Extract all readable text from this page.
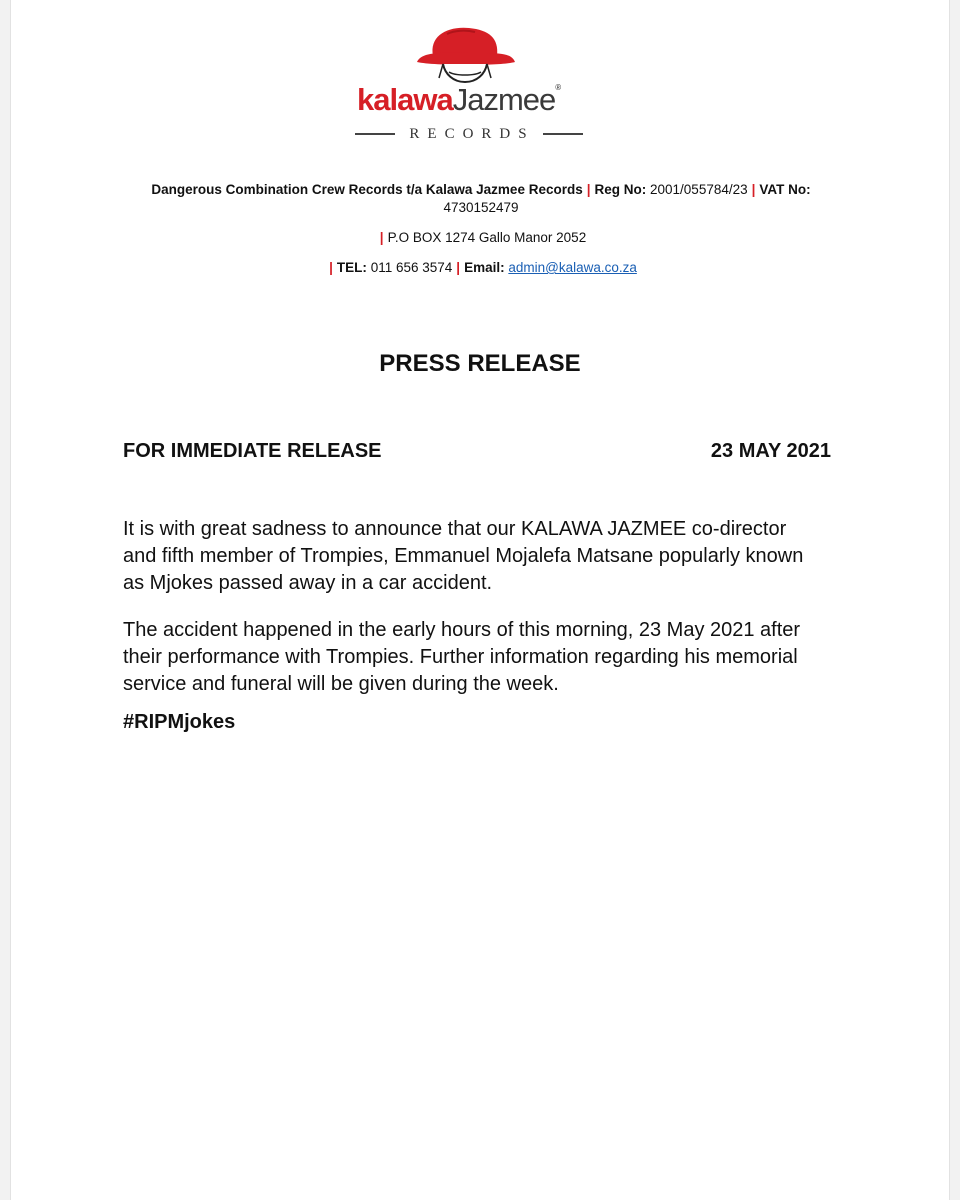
kalawaJazmee®
RECORDS
Dangerous Combination Crew Records t/a Kalawa Jazmee Records | Reg No: 2001/055784/23 | VAT No:
4730152479
| P.O BOX 1274 Gallo Manor 2052
| TEL: 011 656 3574 | Email: admin@kalawa.co.za
PRESS RELEASE
FOR IMMEDIATE RELEASE	23 MAY 2021
It is with great sadness to announce that our KALAWA JAZMEE co-director and fifth member of Trompies, Emmanuel Mojalefa Matsane popularly known as Mjokes passed away in a car accident.
The accident happened in the early hours of this morning, 23 May 2021 after their performance with Trompies. Further information regarding his memorial service and funeral will be given during the week.
#RIPMjokes
